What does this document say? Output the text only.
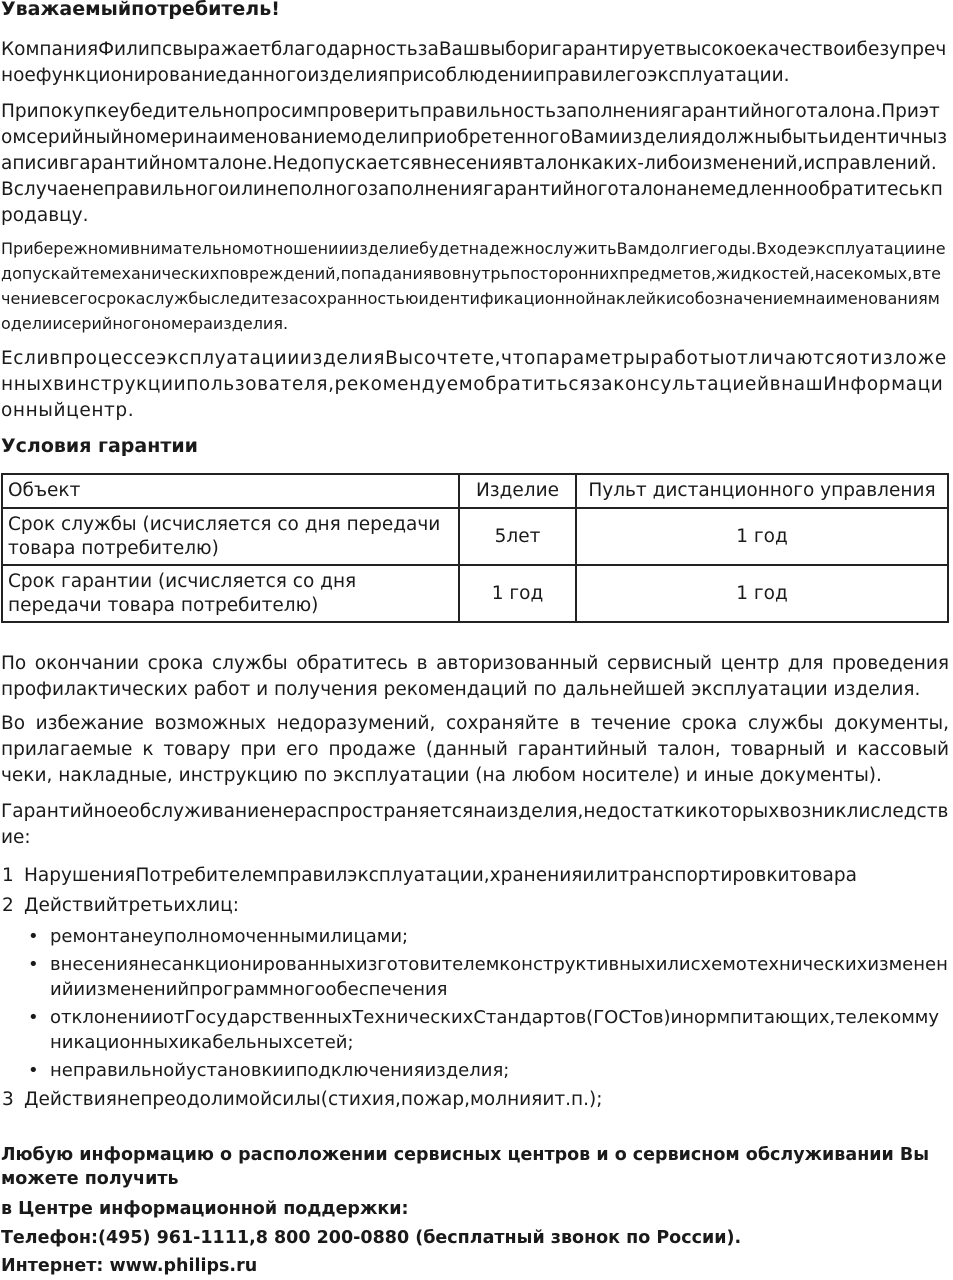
Уважаемыйпотребитель!

КомпанияФилипсвыражаетблагодарностьзаВашвыборигарантируетвысокоекачествоибезупречноефункционированиеданногоизделияприсоблюденииправилегоэксплуатации.

Припокупкеубедительнопросимпроверитьправильностьзаполнениягарантийноготалона.ПриэтомсерийныйномеринаименованиемоделиприобретенногоВамиизделиядолжныбытьидентичнызаписивгарантийномталоне.Недопускаетсявнесениявталонкаких-либоизменений,исправлений.Вслучаенеправильногоилинеполногозаполнениягарантийноготалонанемедленнообратитеськпродавцу.

ПрибережномивнимательномотношенииизделиебудетнадежнослужитьВамдолгиегоды.Входеэксплуатациинедопускайтемеханическихповреждений,попаданиявовнутрьпостороннихпредметов,жидкостей,насекомых,втечениевсегосрокаслужбыследитезасохранностьюидентификационнойнаклейкисобозначениемнаименованиямоделиисерийногономераизделия.

ЕсливпроцессеэксплуатацииизделияВысочтете,чтопараметрыработыотличаютсяотизложенныхвинструкциипользователя,рекомендуемобратитьсязаконсультациейвнашИнформационныйцентр.

Условия гарантии
Объект	Изделие	Пульт дистанционного управления
Срок службы (исчисляется со дня передачи товара потребителю)	5лет	1 год
Срок гарантии (исчисляется со дня передачи товара потребителю)	1 год	1 год

По окончании срока службы обратитесь в авторизованный сервисный центр для проведения профилактических работ и получения рекомендаций по дальнейшей эксплуатации изделия.

Во избежание возможных недоразумений, сохраняйте в течение срока службы документы, прилагаемые к товару при его продаже (данный гарантийный талон, товарный и кассовый чеки, накладные, инструкцию по эксплуатации (на любом носителе) и иные документы).

Гарантийноеобслуживаниенераспространяетсянаизделия,недостаткикоторыхвозниклиследствие:

1 НарушенияПотребителемправилэксплуатации,храненияилитранспортировкитовара
2 Действийтретьихлиц:
• ремонтанеуполномоченнымилицами;
• внесениянесанкционированныхизготовителемконструктивныхилисхемотехническихизмененийиизмененийпрограммногообеспечения
• отклоненииотГосударственныхТехническихСтандартов(ГОСТов)инормпитающих,телекоммуникационныхикабельныхсетей;
• неправильнойустановкииподключенияизделия;
3 Действиянепреодолимойсилы(стихия,пожар,молнияит.п.);
Любую информацию о расположении сервисных центров и о сервисном обслуживании Вы можете получить
в Центре информационной поддержки:
Телефон:(495) 961-1111,8 800 200-0880 (бесплатный звонок по России).
Интернет: www.philips.ru
